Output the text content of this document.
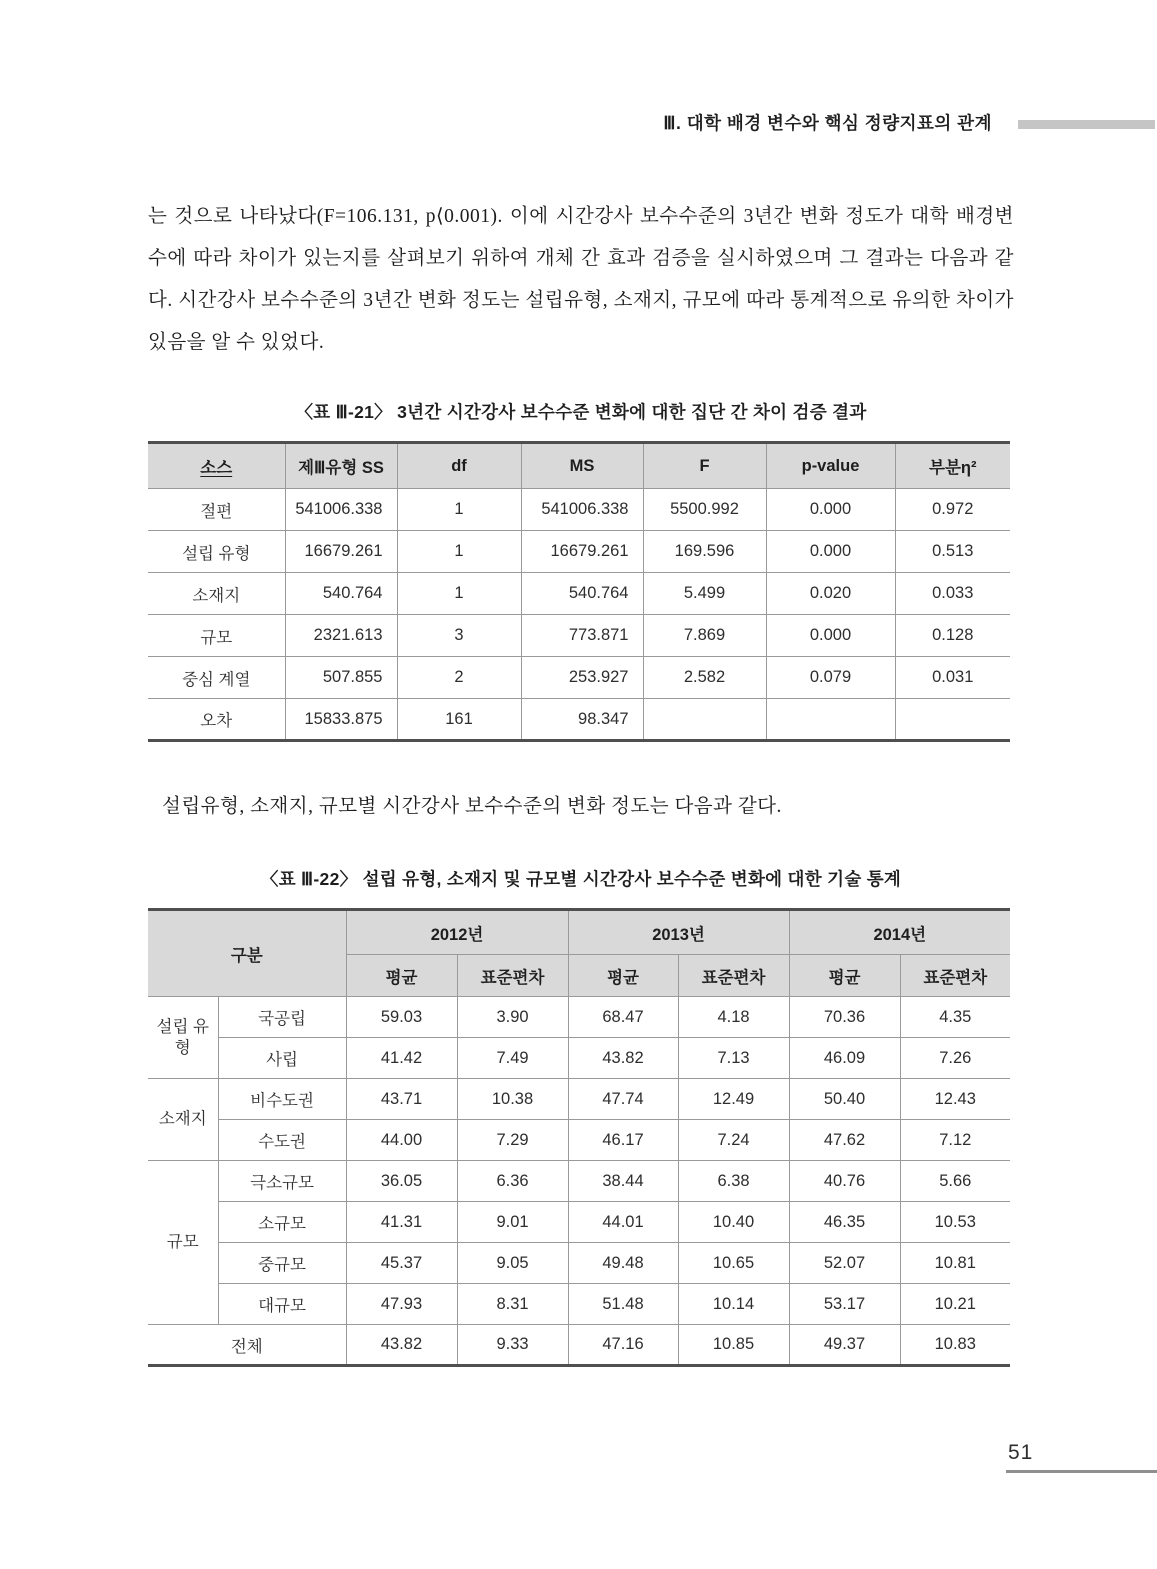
Ⅲ. 대학 배경 변수와 핵심 정량지표의 관계

는 것으로 나타났다(F=106.131, p⟨0.001). 이에 시간강사 보수수준의 3년간 변화 정도가 대학 배경변수에 따라 차이가 있는지를 살펴보기 위하여 개체 간 효과 검증을 실시하였으며 그 결과는 다음과 같다. 시간강사 보수수준의 3년간 변화 정도는 설립유형, 소재지, 규모에 따라 통계적으로 유의한 차이가 있음을 알 수 있었다.

〈표 Ⅲ-21〉 3년간 시간강사 보수수준 변화에 대한 집단 간 차이 검증 결과
소스	제Ⅲ유형 SS	df	MS	F	p-value	부분η²
절편	541006.338	1	541006.338	5500.992	0.000	0.972
설립 유형	16679.261	1	16679.261	169.596	0.000	0.513
소재지	540.764	1	540.764	5.499	0.020	0.033
규모	2321.613	3	773.871	7.869	0.000	0.128
중심 계열	507.855	2	253.927	2.582	0.079	0.031
오차	15833.875	161	98.347			

설립유형, 소재지, 규모별 시간강사 보수수준의 변화 정도는 다음과 같다.

〈표 Ⅲ-22〉 설립 유형, 소재지 및 규모별 시간강사 보수수준 변화에 대한 기술 통계
구분		2012년		2013년		2014년	
		평균	표준편차	평균	표준편차	평균	표준편차
설립 유형	국공립	59.03	3.90	68.47	4.18	70.36	4.35
	사립	41.42	7.49	43.82	7.13	46.09	7.26
소재지	비수도권	43.71	10.38	47.74	12.49	50.40	12.43
	수도권	44.00	7.29	46.17	7.24	47.62	7.12
규모	극소규모	36.05	6.36	38.44	6.38	40.76	5.66
	소규모	41.31	9.01	44.01	10.40	46.35	10.53
	중규모	45.37	9.05	49.48	10.65	52.07	10.81
	대규모	47.93	8.31	51.48	10.14	53.17	10.21
전체		43.82	9.33	47.16	10.85	49.37	10.83
51
